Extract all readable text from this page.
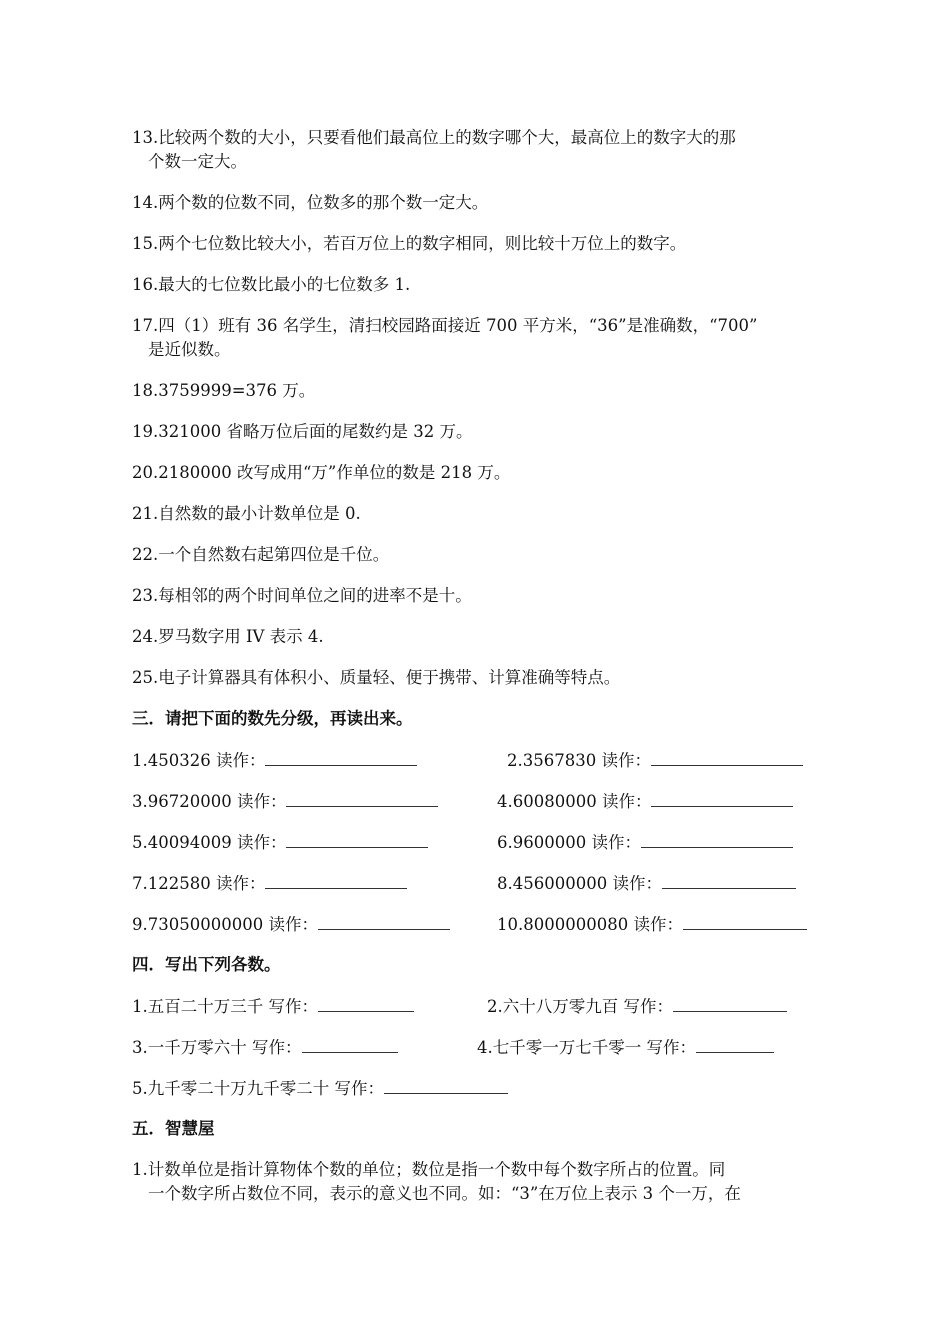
13.比较两个数的大小，只要看他们最高位上的数字哪个大，最高位上的数字大的那
个数一定大。
14.两个数的位数不同，位数多的那个数一定大。
15.两个七位数比较大小，若百万位上的数字相同，则比较十万位上的数字。
16.最大的七位数比最小的七位数多 1.
17.四（1）班有 36 名学生，清扫校园路面接近 700 平方米，“36”是准确数，“700”
是近似数。
18.3759999=376 万。
19.321000 省略万位后面的尾数约是 32 万。
20.2180000 改写成用“万”作单位的数是 218 万。
21.自然数的最小计数单位是 0.
22.一个自然数右起第四位是千位。
23.每相邻的两个时间单位之间的进率不是十。
24.罗马数字用 IV 表示 4.
25.电子计算器具有体积小、质量轻、便于携带、计算准确等特点。
三．请把下面的数先分级，再读出来。
1.450326 读作：	2.3567830 读作：
3.96720000 读作：	4.60080000 读作：
5.40094009 读作：	6.9600000 读作：
7.122580 读作：	8.456000000 读作：
9.73050000000 读作：	10.8000000080 读作：
四．写出下列各数。
1.五百二十万三千 写作：	2.六十八万零九百 写作：
3.一千万零六十 写作：	4.七千零一万七千零一 写作：
5.九千零二十万九千零二十 写作：
五．智慧屋
1.计数单位是指计算物体个数的单位；数位是指一个数中每个数字所占的位置。同
一个数字所占数位不同，表示的意义也不同。如：“3”在万位上表示 3 个一万，在
